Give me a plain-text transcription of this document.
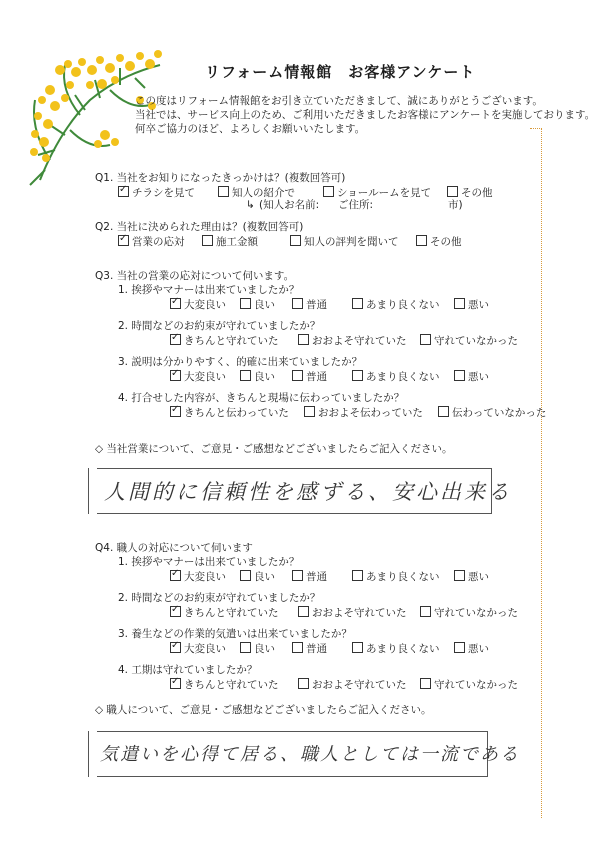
リフォーム情報館　お客様アンケート
この度はリフォーム情報館をお引き立ていただきまして、誠にありがとうございます。
当社では、サービス向上のため、ご利用いただきましたお客様にアンケートを実施しております。
何卒ご協力のほど、よろしくお願いいたします。
Q1. 当社をお知りになったきっかけは？(複数回答可)
✓チラシを見て	知人の紹介で	ショールームを見て	その他
↳ (知人お名前: ご住所:	市)
Q2. 当社に決められた理由は？(複数回答可)
✓営業の応対	施工金額	知人の評判を聞いて	その他
Q3. 当社の営業の応対について伺います。
1. 挨拶やマナーは出来ていましたか？
✓大変良い	良い	普通	あまり良くない	悪い
2. 時間などのお約束が守れていましたか？
✓きちんと守れていた	おおよそ守れていた	守れていなかった
3. 説明は分かりやすく、的確に出来ていましたか？
✓大変良い	良い	普通	あまり良くない	悪い
4. 打合せした内容が、きちんと現場に伝わっていましたか？
✓きちんと伝わっていた	おおよそ伝わっていた	伝わっていなかった
◇ 当社営業について、ご意見・ご感想などございましたらご記入ください。
人間的に信頼性を感ずる、安心出来る
Q4. 職人の対応について伺います
1. 挨拶やマナーは出来ていましたか？
✓大変良い	良い	普通	あまり良くない	悪い
2. 時間などのお約束が守れていましたか？
✓きちんと守れていた	おおよそ守れていた	守れていなかった
3. 養生などの作業的気遣いは出来ていましたか？
✓大変良い	良い	普通	あまり良くない	悪い
4. 工期は守れていましたか？
✓きちんと守れていた	おおよそ守れていた	守れていなかった
◇ 職人について、ご意見・ご感想などございましたらご記入ください。
気遣いを心得て居る、職人としては一流である
